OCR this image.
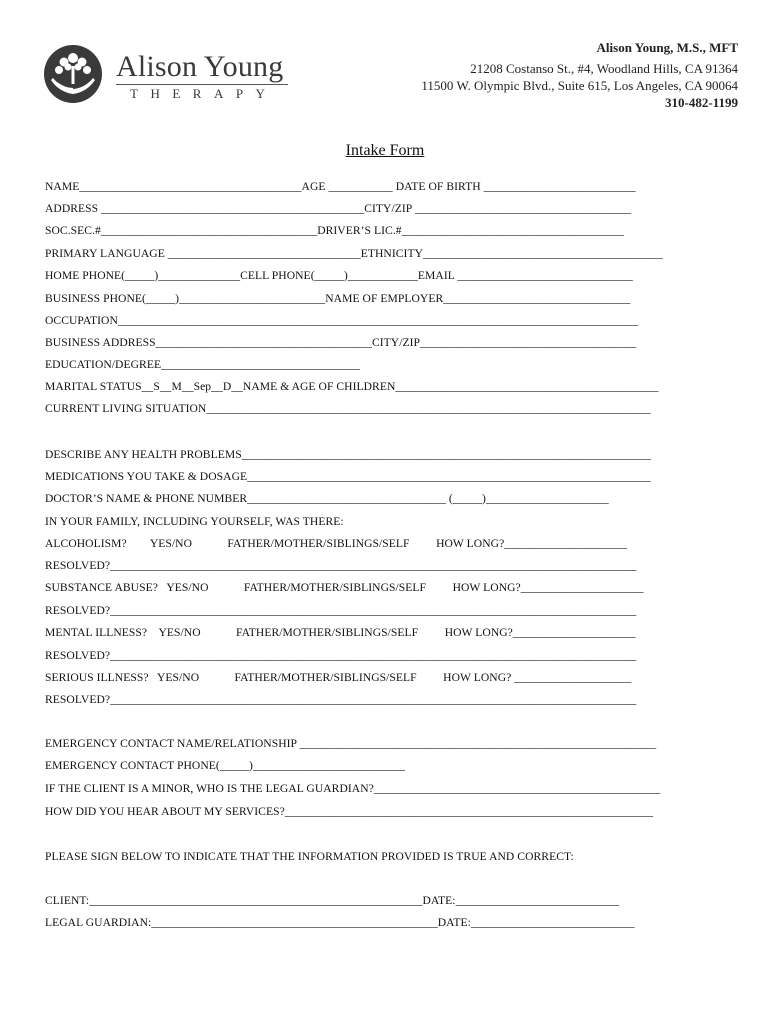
Alison Young
THERAPY
Alison Young, M.S., MFT
21208 Costanso St., #4, Woodland Hills, CA 91364
11500 W. Olympic Blvd., Suite 615, Los Angeles, CA 90064
310-482-1199
Intake Form
NAME______________________________________AGE ___________ DATE OF BIRTH __________________________
ADDRESS _____________________________________________CITY/ZIP _____________________________________
SOC.SEC.#_____________________________________DRIVER’S LIC.#______________________________________
PRIMARY LANGUAGE _________________________________ETHNICITY_________________________________________
HOME PHONE(_____)______________CELL PHONE(_____)____________EMAIL ______________________________
BUSINESS PHONE(_____)_________________________NAME OF EMPLOYER________________________________
OCCUPATION_________________________________________________________________________________________
BUSINESS ADDRESS_____________________________________CITY/ZIP_____________________________________
EDUCATION/DEGREE__________________________________
MARITAL STATUS__S__M__Sep__D__NAME & AGE OF CHILDREN_____________________________________________
CURRENT LIVING SITUATION____________________________________________________________________________
DESCRIBE ANY HEALTH PROBLEMS______________________________________________________________________
MEDICATIONS YOU TAKE & DOSAGE_____________________________________________________________________
DOCTOR’S NAME & PHONE NUMBER__________________________________ (_____)_____________________
IN YOUR FAMILY, INCLUDING YOURSELF, WAS THERE:
ALCOHOLISM?        YES/NO            FATHER/MOTHER/SIBLINGS/SELF         HOW LONG?_____________________
RESOLVED?__________________________________________________________________________________________
SUBSTANCE ABUSE?   YES/NO            FATHER/MOTHER/SIBLINGS/SELF         HOW LONG?_____________________
RESOLVED?__________________________________________________________________________________________
MENTAL ILLNESS?    YES/NO            FATHER/MOTHER/SIBLINGS/SELF         HOW LONG?_____________________
RESOLVED?__________________________________________________________________________________________
SERIOUS ILLNESS?   YES/NO            FATHER/MOTHER/SIBLINGS/SELF         HOW LONG? ____________________
RESOLVED?__________________________________________________________________________________________
EMERGENCY CONTACT NAME/RELATIONSHIP _____________________________________________________________
EMERGENCY CONTACT PHONE(_____)__________________________
IF THE CLIENT IS A MINOR, WHO IS THE LEGAL GUARDIAN?_________________________________________________
HOW DID YOU HEAR ABOUT MY SERVICES?_______________________________________________________________
PLEASE SIGN BELOW TO INDICATE THAT THE INFORMATION PROVIDED IS TRUE AND CORRECT:
CLIENT:_________________________________________________________DATE:____________________________
LEGAL GUARDIAN:_________________________________________________DATE:____________________________
